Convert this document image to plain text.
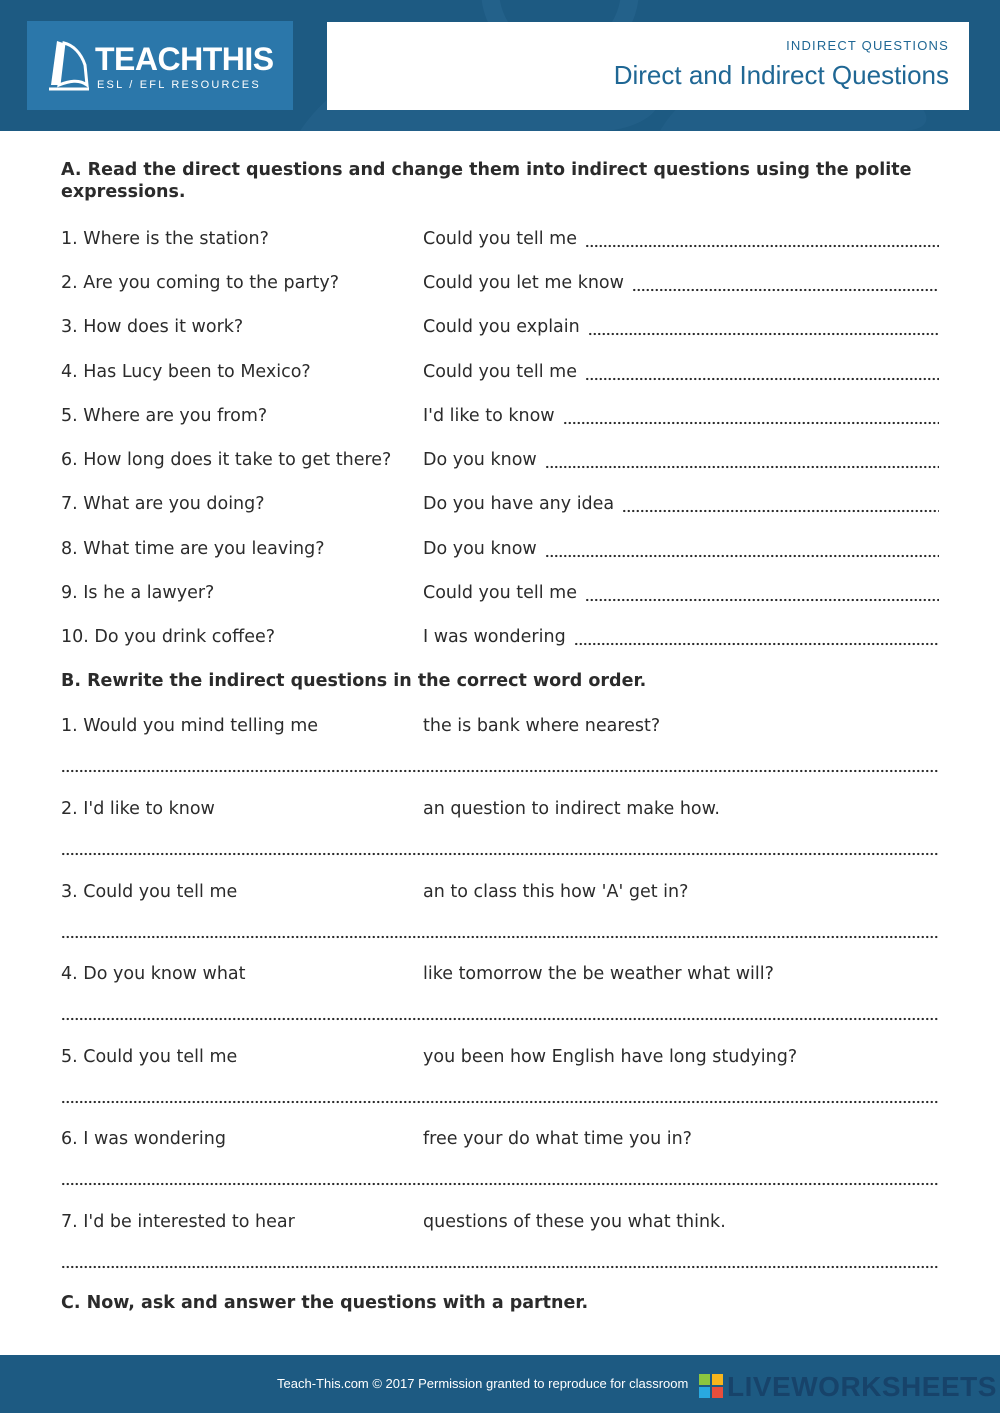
TEACHTHIS
ESL / EFL RESOURCES
INDIRECT QUESTIONS
Direct and Indirect Questions
A. Read the direct questions and change them into indirect questions using the polite
expressions.
1. Where is the station?	Could you tell me
2. Are you coming to the party?	Could you let me know
3. How does it work?	Could you explain
4. Has Lucy been to Mexico?	Could you tell me
5. Where are you from?	I'd like to know
6. How long does it take to get there?	Do you know
7. What are you doing?	Do you have any idea
8. What time are you leaving?	Do you know
9. Is he a lawyer?	Could you tell me
10. Do you drink coffee?	I was wondering
B. Rewrite the indirect questions in the correct word order.
1. Would you mind telling me	the is bank where nearest?
2. I'd like to know	an question to indirect make how.
3. Could you tell me	an to class this how 'A' get in?
4. Do you know what	like tomorrow the be weather what will?
5. Could you tell me	you been how English have long studying?
6. I was wondering	free your do what time you in?
7. I'd be interested to hear	questions of these you what think.
C. Now, ask and answer the questions with a partner.
Teach-This.com © 2017 Permission granted to reproduce for classroom LIVEWORKSHEETS
